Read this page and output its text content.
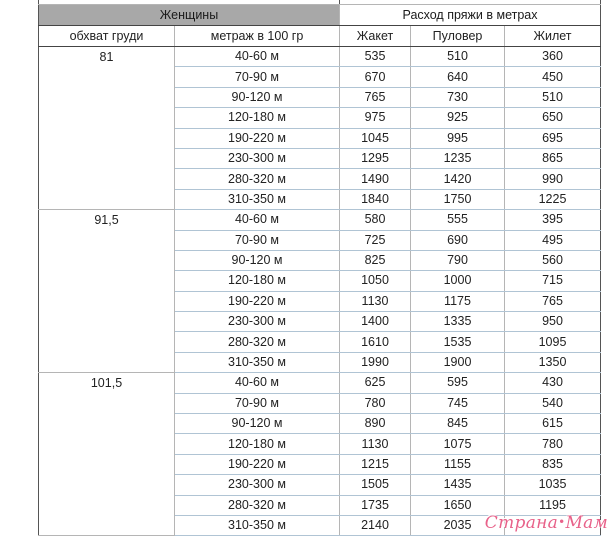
Женщины		Расход пряжи в метрах		
обхват груди	метраж в 100 гр	Жакет	Пуловер	Жилет
81	40-60 м	535	510	360
	70-90 м	670	640	450
	90-120 м	765	730	510
	120-180 м	975	925	650
	190-220 м	1045	995	695
	230-300 м	1295	1235	865
	280-320 м	1490	1420	990
	310-350 м	1840	1750	1225
91,5	40-60 м	580	555	395
	70-90 м	725	690	495
	90-120 м	825	790	560
	120-180 м	1050	1000	715
	190-220 м	1130	1175	765
	230-300 м	1400	1335	950
	280-320 м	1610	1535	1095
	310-350 м	1990	1900	1350
101,5	40-60 м	625	595	430
	70-90 м	780	745	540
	90-120 м	890	845	615
	120-180 м	1130	1075	780
	190-220 м	1215	1155	835
	230-300 м	1505	1435	1035
	280-320 м	1735	1650	1195
	310-350 м	2140	2035	Страна•Мам
